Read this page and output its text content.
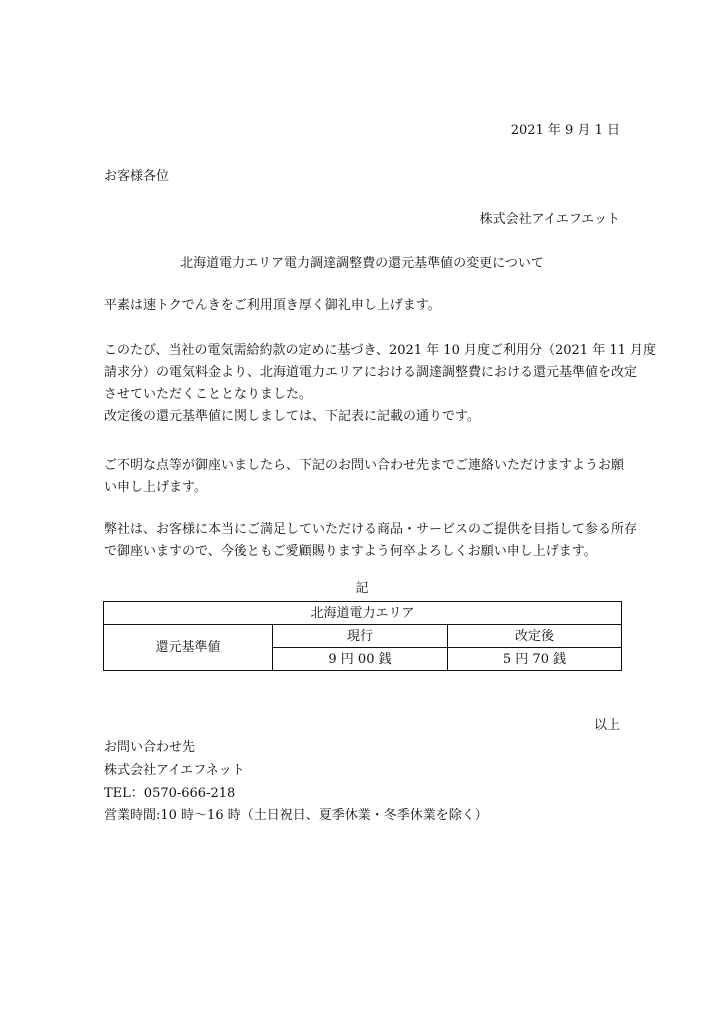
2021 年 9 月 1 日
お客様各位
株式会社アイエフエット
北海道電力エリア電力調達調整費の還元基準値の変更について
平素は速トクでんきをご利用頂き厚く御礼申し上げます。
このたび、当社の電気需給約款の定めに基づき、2021 年 10 月度ご利用分（2021 年 11 月度
請求分）の電気料金より、北海道電力エリアにおける調達調整費における還元基準値を改定
させていただくこととなりました。
改定後の還元基準値に関しましては、下記表に記載の通りです。
ご不明な点等が御座いましたら、下記のお問い合わせ先までご連絡いただけますようお願
い申し上げます。
弊社は、お客様に本当にご満足していただける商品・サービスのご提供を目指して参る所存
で御座いますので、今後ともご愛顧賜りますよう何卒よろしくお願い申し上げます。
記
北海道電力エリア		
還元基準値	現行	改定後
	9 円 00 銭	5 円 70 銭
以上
お問い合わせ先
株式会社アイエフネット
TEL：0570-666-218
営業時間:10 時～16 時（土日祝日、夏季休業・冬季休業を除く）
